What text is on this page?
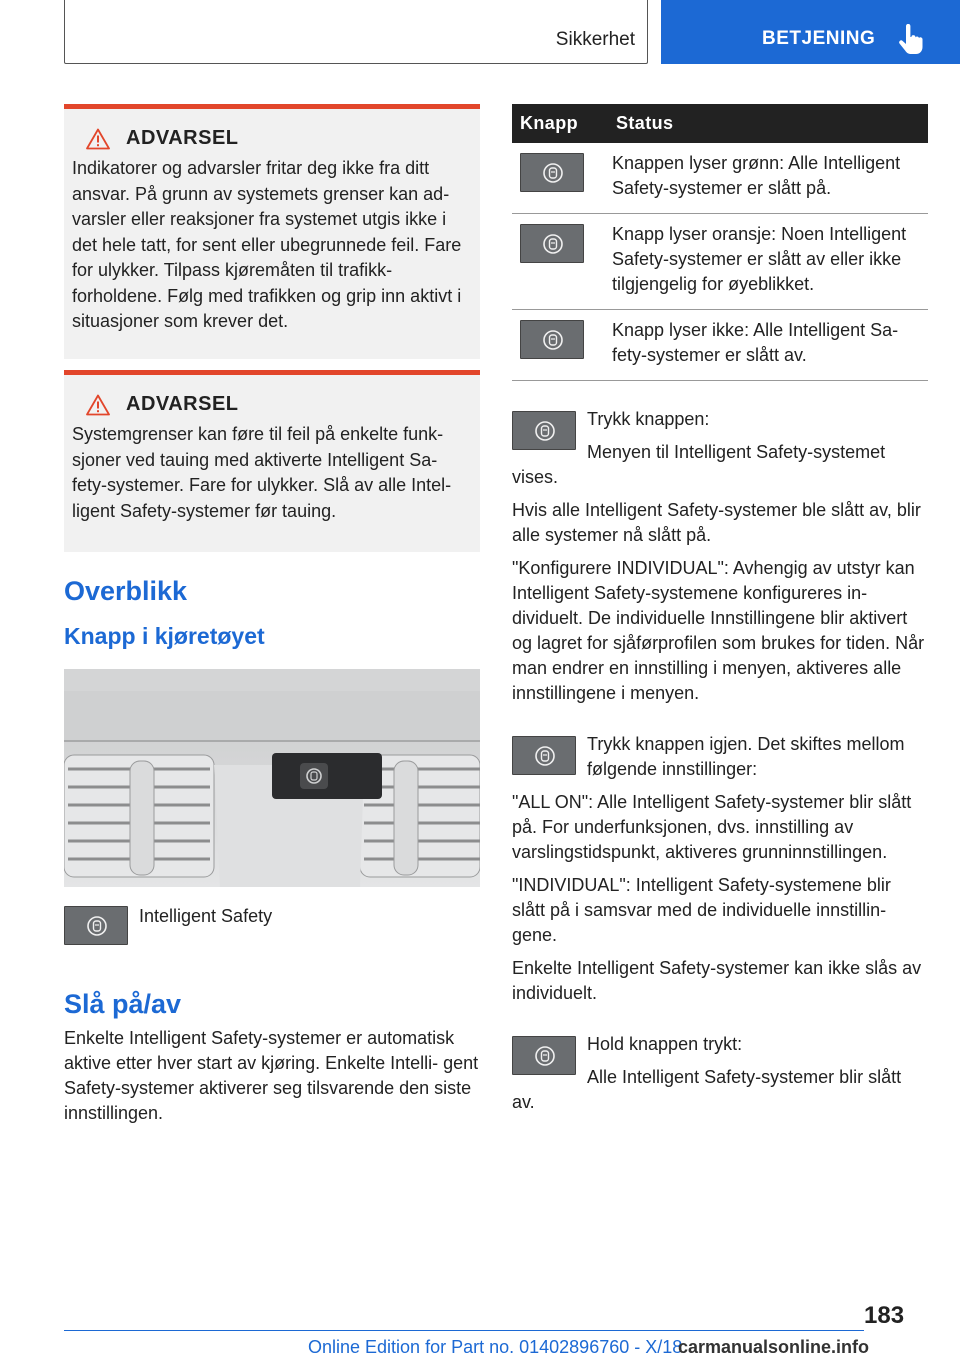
Sikkerhet	BETJENING
ADVARSEL

Indikatorer og advarsler fritar deg ikke fra ditt ansvar. På grunn av systemets grenser kan ad- varsler eller reaksjoner fra systemet utgis ikke i det hele tatt, for sent eller ubegrunnede feil. Fare for ulykker. Tilpass kjøremåten til trafikk- forholdene. Følg med trafikken og grip inn aktivt i situasjoner som krever det.

ADVARSEL

Systemgrenser kan føre til feil på enkelte funk- sjoner ved tauing med aktiverte Intelligent Sa- fety-systemer. Fare for ulykker. Slå av alle Intel- ligent Safety-systemer før tauing.

Overblikk
Knapp i kjøretøyet
Intelligent Safety
Slå på/av

Enkelte Intelligent Safety-systemer er automatisk aktive etter hver start av kjøring. Enkelte Intelli- gent Safety-systemer aktiverer seg tilsvarende den siste innstillingen.

Knapp	Status

	Knappen lyser grønn: Alle Intelligent Safety-systemer er slått på.

	Knapp lyser oransje: Noen Intelligent Safety-systemer er slått av eller ikke tilgjengelig for øyeblikket.

	Knapp lyser ikke: Alle Intelligent Sa- fety-systemer er slått av.

Trykk knappen:

Menyen til Intelligent Safety-systemet vises.

Hvis alle Intelligent Safety-systemer ble slått av, blir alle systemer nå slått på.

"Konfigurere INDIVIDUAL": Avhengig av utstyr kan Intelligent Safety-systemene konfigureres in- dividuelt. De individuelle Innstillingene blir aktivert og lagret for sjåførprofilen som brukes for tiden. Når man endrer en innstilling i menyen, aktiveres alle innstillingene i menyen.

Trykk knappen igjen. Det skiftes mellom følgende innstillinger:

"ALL ON": Alle Intelligent Safety-systemer blir slått på. For underfunksjonen, dvs. innstilling av varslingstidspunkt, aktiveres grunninnstillingen.

"INDIVIDUAL": Intelligent Safety-systemene blir slått på i samsvar med de individuelle innstillin- gene.

Enkelte Intelligent Safety-systemer kan ikke slås av individuelt.

Hold knappen trykt:

Alle Intelligent Safety-systemer blir slått av.

183
Online Edition for Part no. 01402896760 - X/18
carmanualsonline.info
